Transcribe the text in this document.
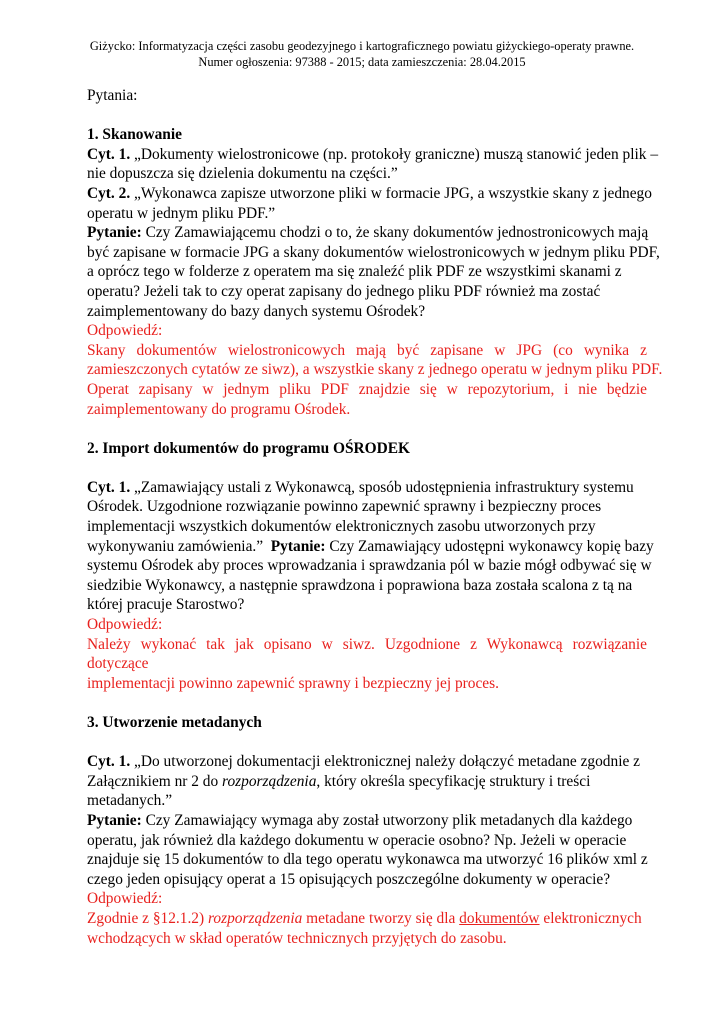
Giżycko: Informatyzacja części zasobu geodezyjnego i kartograficznego powiatu giżyckiego-operaty prawne.
Numer ogłoszenia: 97388 - 2015; data zamieszczenia: 28.04.2015
Pytania:

1. Skanowanie
Cyt. 1. „Dokumenty wielostronicowe (np. protokoły graniczne) muszą stanowić jeden plik –
nie dopuszcza się dzielenia dokumentu na części.”
Cyt. 2. „Wykonawca zapisze utworzone pliki w formacie JPG, a wszystkie skany z jednego
operatu w jednym pliku PDF.”
Pytanie: Czy Zamawiającemu chodzi o to, że skany dokumentów jednostronicowych mają
być zapisane w formacie JPG a skany dokumentów wielostronicowych w jednym pliku PDF,
a oprócz tego w folderze z operatem ma się znaleźć plik PDF ze wszystkimi skanami z
operatu? Jeżeli tak to czy operat zapisany do jednego pliku PDF również ma zostać
zaimplementowany do bazy danych systemu Ośrodek?
Odpowiedź:
Skany dokumentów wielostronicowych mają być zapisane w JPG (co wynika z
zamieszczonych cytatów ze siwz), a wszystkie skany z jednego operatu w jednym pliku PDF.
Operat zapisany w jednym pliku PDF znajdzie się w repozytorium, i nie będzie
zaimplementowany do programu Ośrodek.

2. Import dokumentów do programu OŚRODEK

Cyt. 1. „Zamawiający ustali z Wykonawcą, sposób udostępnienia infrastruktury systemu
Ośrodek. Uzgodnione rozwiązanie powinno zapewnić sprawny i bezpieczny proces
implementacji wszystkich dokumentów elektronicznych zasobu utworzonych przy
wykonywaniu zamówienia.”  Pytanie: Czy Zamawiający udostępni wykonawcy kopię bazy
systemu Ośrodek aby proces wprowadzania i sprawdzania pól w bazie mógł odbywać się w
siedzibie Wykonawcy, a następnie sprawdzona i poprawiona baza została scalona z tą na
której pracuje Starostwo?
Odpowiedź:
Należy wykonać tak jak opisano w siwz. Uzgodnione z Wykonawcą rozwiązanie dotyczące
implementacji powinno zapewnić sprawny i bezpieczny jej proces.

3. Utworzenie metadanych

Cyt. 1. „Do utworzonej dokumentacji elektronicznej należy dołączyć metadane zgodnie z
Załącznikiem nr 2 do rozporządzenia, który określa specyfikację struktury i treści
metadanych.”
Pytanie: Czy Zamawiający wymaga aby został utworzony plik metadanych dla każdego
operatu, jak również dla każdego dokumentu w operacie osobno? Np. Jeżeli w operacie
znajduje się 15 dokumentów to dla tego operatu wykonawca ma utworzyć 16 plików xml z
czego jeden opisujący operat a 15 opisujących poszczególne dokumenty w operacie?
Odpowiedź:
Zgodnie z §12.1.2) rozporządzenia metadane tworzy się dla dokumentów elektronicznych
wchodzących w skład operatów technicznych przyjętych do zasobu.
